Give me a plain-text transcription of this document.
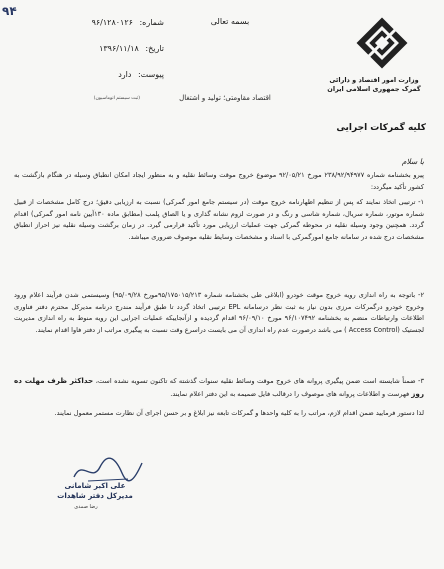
۹۴
شماره: ۹۶/۱۲۸۰۱۲۶
تاریخ: ۱۳۹۶/۱۱/۱۸
پیوست: دارد
(ثبت سیستم اتوماسیون)
بسمه تعالی
وزارت امور اقتصاد و دارائی
گمرک جمهوری اسلامی ایران
اقتصاد مقاومتی؛ تولید و اشتغال
کلیه گمرکات اجرایی
با سلام
پیرو بخشنامه شماره ۲۳۸/۹۲/۹۴۹۷۷ مورخ ۹۲/۰۵/۲۱ موضوع خروج موقت وسائط نقلیه و به منظور ایجاد امکان انطباق وسیله در هنگام بازگشت به کشور تأکید میگردد:
۱- ترتیبی اتخاذ نمایند که پس از تنظیم اظهارنامه خروج موقت (در سیستم جامع امور گمرکی) نسبت به ارزیابی دقیق؛ درج کامل مشخصات از قبیل شماره موتور، شماره سریال، شماره شاسی و رنگ و در صورت لزوم نشانه گذاری و یا الصاق پلمب (مطابق ماده ۱۳۰آیین نامه امور گمرکی) اقدام گردد. همچنین وجود وسیله نقلیه در محوطه گمرکی جهت عملیات ارزیابی مورد تأکید قرارمی گیرد. در زمان برگشت وسیله نقلیه نیز احراز انطباق مشخصات درج شده در سامانه جامع امورگمرکی با اسناد و مشخصات وسایط نقلیه موصوف ضروری میباشد.
۲- باتوجه به راه اندازی رویه خروج موقت خودرو (ابلاغی طی بخشنامه شماره ۹۵/۱۷۵۰۱۵/۲۱۳مورخ ۹۵/۰۹/۲۸) وسیستمی شدن فرآیند اعلام ورود وخروج خودرو درگمرکات مرزی بدون نیاز به ثبت نظر درسامانه EPL ترتیبی اتخاذ گردد تا طبق فرآیند مندرج درنامه مدیرکل محترم دفتر فناوری اطلاعات وارتباطات منضم به بخشنامه ۹۶/۱۰۷۴۹۲ مورخ ۹۶/۰۹/۱۰ اقدام گردیده و ازآنجاییکه عملیات اجرایی این رویه منوط به راه اندازی مدیریت لجستیک (Access Control ) می باشد درصورت عدم راه اندازی آن می بایست دراسرع وقت نسبت به پیگیری مراتب از دفتر فاوا اقدام نمایند.
۳- ضمناً شایسته است ضمن پیگیری پروانه های خروج موقت وسائط نقلیه سنوات گذشته که تاکنون تسویه نشده است، حداکثر ظرف مهلت ده روز فهرست و اطلاعات پروانه های موصوف را درقالب فایل ضمیمه به این دفتر اعلام نمایند.
لذا دستور فرمایید ضمن اقدام لازم، مراتب را به کلیه واحدها و گمرکات تابعه نیز ابلاغ و بر حسن اجرای آن نظارت مستمر معمول نمایند.
علی اکبر شامانی
مدیرکل دفتر شاهدات
رضا صمدی
